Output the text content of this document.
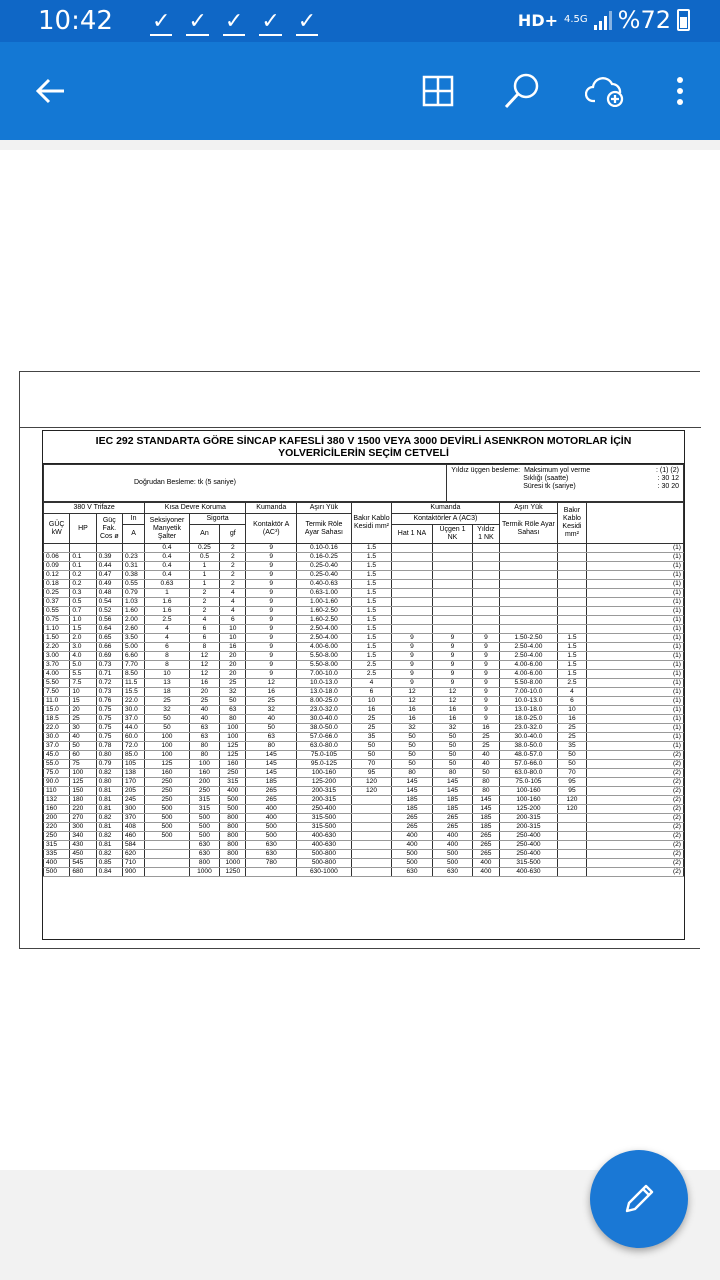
10:42 ✓ ✓ ✓ ✓ ✓	HD+ 4.5G %72
IEC 292 STANDARTA GÖRE SİNCAP KAFESLİ 380 V 1500 VEYA 3000 DEVİRLİ ASENKRON MOTORLAR İÇİN YOLVERİCİLERİN SEÇİM CETVELİ
Doğrudan Besleme: tk (5 saniye)	
Yıldız üçgen besleme: Maksimum yol verme	: (1) (2)
Sıklığı (saatte)	: 30 12
Süresi tk (sariye)	: 30 20
380 V Trifaze				Kısa Devre Koruma			Kumanda	Aşırı Yük	Bakır Kablo Kesidi mm²	Kumanda			Aşırı Yük	Bakır Kablo Kesidi mm²	
GÜÇ kW	HP	Güç Fak. Cos ø	In	Seksiyoner Manyetik Şalter	Sigorta		Kontaktör A (AC³)	Termik Röle Ayar Sahası		Kontaktörler A (AC3)			Termik Röle Ayar Sahası		
			A		An	gf				Hat 1 NA	Üçgen 1 NK	Yıldız 1 NK			
				0.4	0.25	2	9	0.10-0.16	1.5						(1)
0.06	0.1	0.39	0.23	0.4	0.5	2	9	0.16-0.25	1.5						(1)
0.09	0.1	0.44	0.31	0.4	1	2	9	0.25-0.40	1.5						(1)
0.12	0.2	0.47	0.38	0.4	1	2	9	0.25-0.40	1.5						(1)
0.18	0.2	0.49	0.55	0.63	1	2	9	0.40-0.63	1.5						(1)
0.25	0.3	0.48	0.79	1	2	4	9	0.63-1.00	1.5						(1)
0.37	0.5	0.54	1.03	1.6	2	4	9	1.00-1.60	1.5						(1)
0.55	0.7	0.52	1.60	1.6	2	4	9	1.60-2.50	1.5						(1)
0.75	1.0	0.56	2.00	2.5	4	6	9	1.60-2.50	1.5						(1)
1.10	1.5	0.64	2.60	4	6	10	9	2.50-4.00	1.5						(1)
1.50	2.0	0.65	3.50	4	6	10	9	2.50-4.00	1.5	9	9	9	1.50-2.50	1.5	(1)
2.20	3.0	0.66	5.00	6	8	16	9	4.00-6.00	1.5	9	9	9	2.50-4.00	1.5	(1)
3.00	4.0	0.69	6.60	8	12	20	9	5.50-8.00	1.5	9	9	9	2.50-4.00	1.5	(1)
3.70	5.0	0.73	7.70	8	12	20	9	5.50-8.00	2.5	9	9	9	4.00-6.00	1.5	(1)
4.00	5.5	0.71	8.50	10	12	20	9	7.00-10.0	2.5	9	9	9	4.00-6.00	1.5	(1)
5.50	7.5	0.72	11.5	13	16	25	12	10.0-13.0	4	9	9	9	5.50-8.00	2.5	(1)
7.50	10	0.73	15.5	18	20	32	16	13.0-18.0	6	12	12	9	7.00-10.0	4	(1)
11.0	15	0.76	22.0	25	25	50	25	8.00-25.0	10	12	12	9	10.0-13.0	6	(1)
15.0	20	0.75	30.0	32	40	63	32	23.0-32.0	16	16	16	9	13.0-18.0	10	(1)
18.5	25	0.75	37.0	50	40	80	40	30.0-40.0	25	16	16	9	18.0-25.0	16	(1)
22.0	30	0.75	44.0	50	63	100	50	38.0-50.0	25	32	32	16	23.0-32.0	25	(1)
30.0	40	0.75	60.0	100	63	100	63	57.0-66.0	35	50	50	25	30.0-40.0	25	(1)
37.0	50	0.78	72.0	100	80	125	80	63.0-80.0	50	50	50	25	38.0-50.0	35	(1)
45.0	60	0.80	85.0	100	80	125	145	75.0-105	50	50	50	40	48.0-57.0	50	(2)
55.0	75	0.79	105	125	100	160	145	95.0-125	70	50	50	40	57.0-66.0	50	(2)
75.0	100	0.82	138	160	160	250	145	100-160	95	80	80	50	63.0-80.0	70	(2)
90.0	125	0.80	170	250	200	315	185	125-200	120	145	145	80	75.0-105	95	(2)
110	150	0.81	205	250	250	400	265	200-315	120	145	145	80	100-160	95	(2)
132	180	0.81	245	250	315	500	265	200-315		185	185	145	100-160	120	(2)
160	220	0.81	300	500	315	500	400	250-400		185	185	145	125-200	120	(2)
200	270	0.82	370	500	500	800	400	315-500		265	265	185	200-315		(2)
220	300	0.81	408	500	500	800	500	315-500		265	265	185	200-315		(2)
250	340	0.82	460	500	500	800	500	400-630		400	400	265	250-400		(2)
315	430	0.81	584		630	800	630	400-630		400	400	265	250-400		(2)
335	450	0.82	620		630	800	630	500-800		500	500	265	250-400		(2)
400	545	0.85	710		800	1000	780	500-800		500	500	400	315-500		(2)
500	680	0.84	900		1000	1250		630-1000		630	630	400	400-630		(2)
